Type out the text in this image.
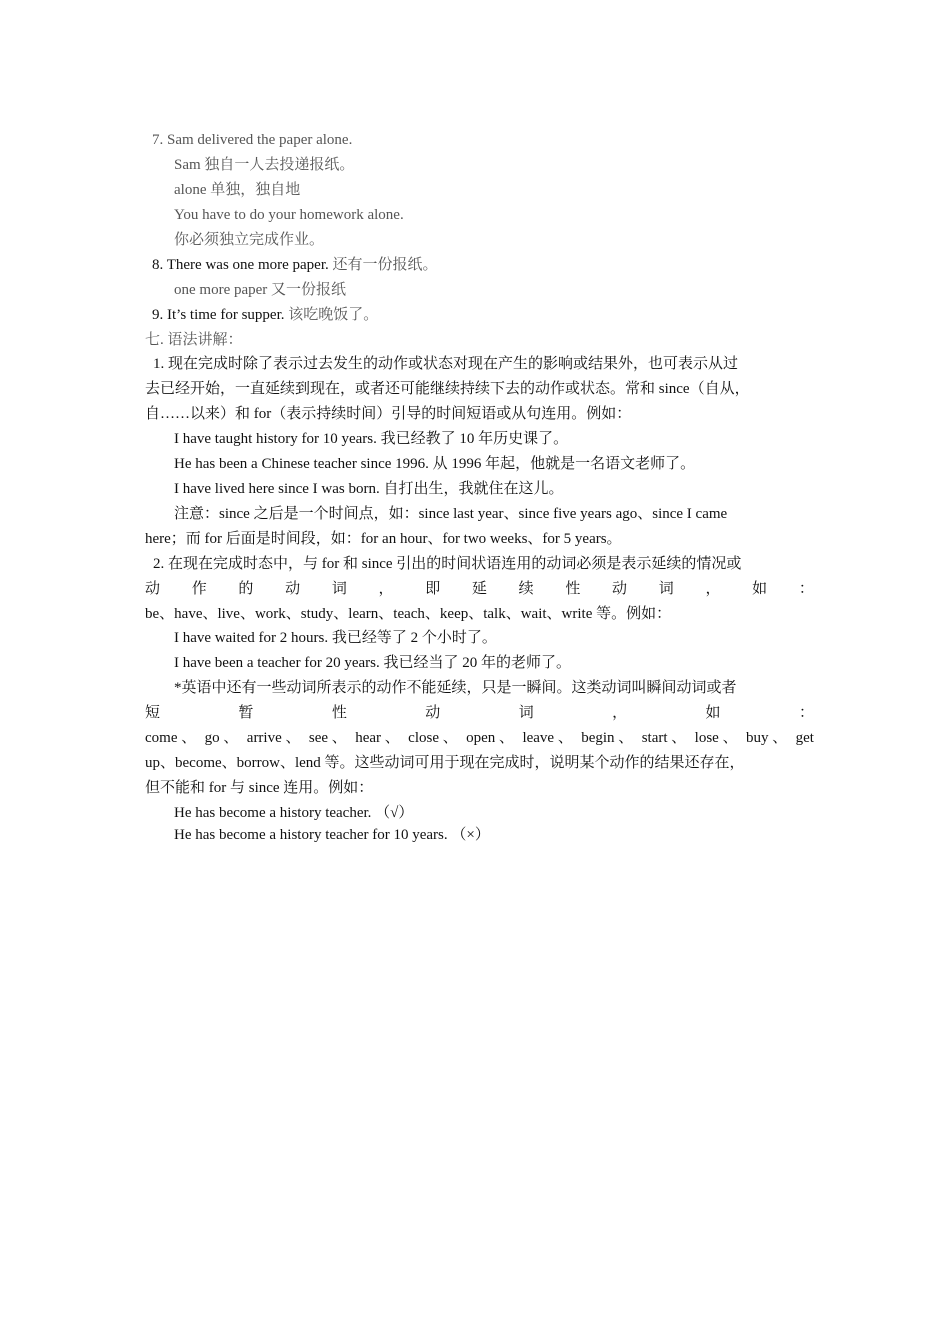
7. Sam delivered the paper alone.
Sam 独自一人去投递报纸。
alone 单独，独自地
You have to do your homework alone.
你必须独立完成作业。
8. There was one more paper. 还有一份报纸。
one more paper 又一份报纸
9. It’s time for supper. 该吃晚饭了。
七. 语法讲解：
1. 现在完成时除了表示过去发生的动作或状态对现在产生的影响或结果外，也可表示从过
去已经开始，一直延续到现在，或者还可能继续持续下去的动作或状态。常和 since（自从，
自……以来）和 for（表示持续时间）引导的时间短语或从句连用。例如：
I have taught history for 10 years. 我已经教了 10 年历史课了。
He has been a Chinese teacher since 1996. 从 1996 年起，他就是一名语文老师了。
I have lived here since I was born. 自打出生，我就住在这儿。
注意：since 之后是一个时间点，如：since last year、since five years ago、since I came
here；而 for 后面是时间段，如：for an hour、for two weeks、for 5 years。
2. 在现在完成时态中，与 for 和 since 引出的时间状语连用的动词必须是表示延续的情况或
动 作 的 动 词 ， 即 延 续 性 动 词 ， 如 ：
be、have、live、work、study、learn、teach、keep、talk、wait、write 等。例如：
I have waited for 2 hours. 我已经等了 2 个小时了。
I have been a teacher for 20 years. 我已经当了 20 年的老师了。
*英语中还有一些动词所表示的动作不能延续，只是一瞬间。这类动词叫瞬间动词或者
短	暂	性	动	词	，	如	：
come 、 go 、 arrive 、 see 、 hear 、 close 、 open 、 leave 、 begin 、 start 、 lose 、 buy 、 get
up、become、borrow、lend 等。这些动词可用于现在完成时，说明某个动作的结果还存在，
但不能和 for 与 since 连用。例如：
He has become a history teacher. （√）
He has become a history teacher for 10 years. （×）
